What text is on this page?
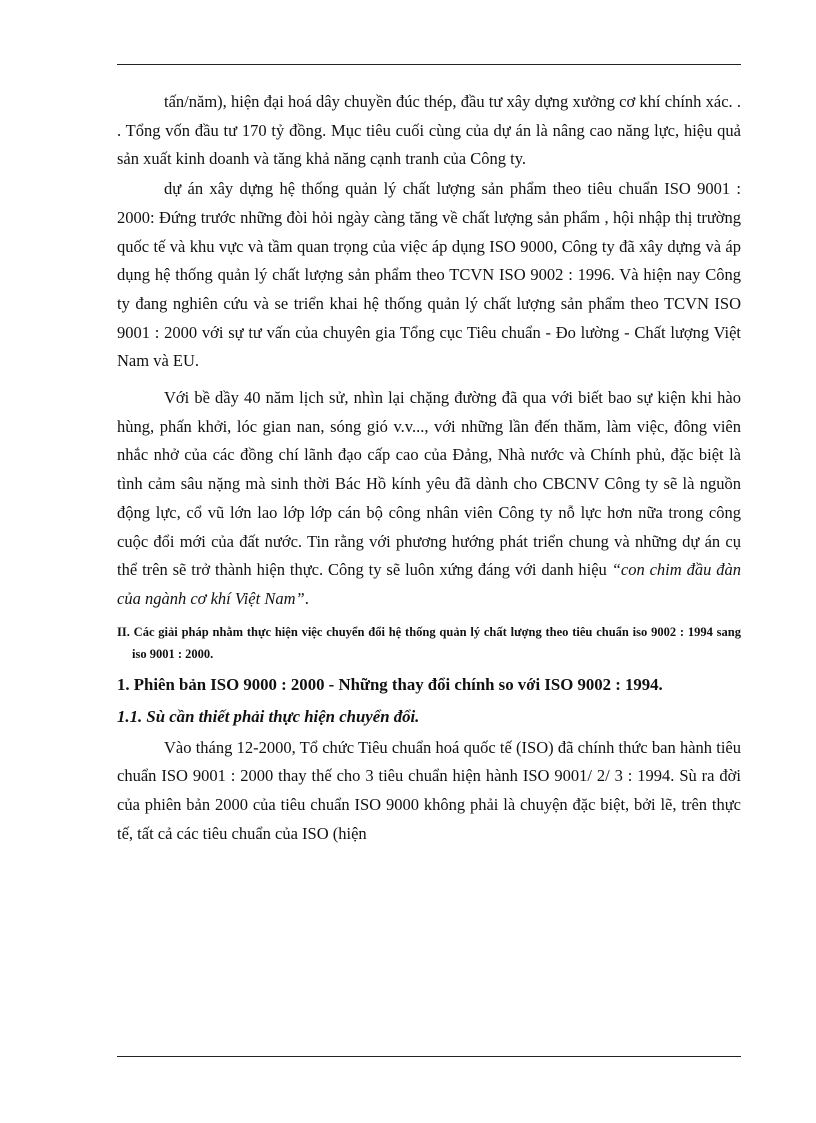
tấn/năm), hiện đại hoá dây chuyền đúc thép, đầu tư xây dựng xưởng cơ khí chính xác. . . Tổng vốn đầu tư 170 tỷ đồng. Mục tiêu cuối cùng của dự án là nâng cao năng lực, hiệu quả sản xuất kinh doanh và tăng khả năng cạnh tranh của Công ty.

dự án xây dựng hệ thống quản lý chất lượng sản phẩm theo tiêu chuẩn ISO 9001 : 2000: Đứng trước những đòi hỏi ngày càng tăng về chất lượng sản phẩm , hội nhập thị trường quốc tế và khu vực và tầm quan trọng của việc áp dụng ISO 9000, Công ty đã xây dựng và áp dụng hệ thống quản lý chất lượng sản phẩm theo TCVN ISO 9002 : 1996. Và hiện nay Công ty đang nghiên cứu và se triển khai hệ thống quản lý chất lượng sản phẩm theo TCVN ISO 9001 : 2000 với sự tư vấn của chuyên gia Tổng cục Tiêu chuẩn - Đo lường - Chất lượng Việt Nam và EU.

Với bề dầy 40 năm lịch sử, nhìn lại chặng đường đã qua với biết bao sự kiện khi hào hùng, phấn khởi, lóc gian nan, sóng gió v.v..., với những lần đến thăm, làm việc, đông viên nhắc nhở của các đồng chí lãnh đạo cấp cao của Đảng, Nhà nước và Chính phủ, đặc biệt là tình cảm sâu nặng mà sinh thời Bác Hồ kính yêu đã dành cho CBCNV Công ty sẽ là nguồn động lực, cổ vũ lớn lao lớp lớp cán bộ công nhân viên Công ty nỗ lực hơn nữa trong công cuộc đổi mới của đất nước. Tin rằng với phương hướng phát triển chung và những dự án cụ thể trên sẽ trở thành hiện thực. Công ty sẽ luôn xứng đáng với danh hiệu “con chim đầu đàn của ngành cơ khí Việt Nam”.

II. Các giải pháp nhằm thực hiện việc chuyển đổi hệ thống quản lý chất lượng theo tiêu chuẩn iso 9002 : 1994 sang iso 9001 : 2000.
1. Phiên bản ISO 9000 : 2000 - Những thay đổi chính so với ISO 9002 : 1994.
1.1. Sù cần thiết phải thực hiện chuyển đổi.

Vào tháng 12-2000, Tổ chức Tiêu chuẩn hoá quốc tế (ISO) đã chính thức ban hành tiêu chuẩn ISO 9001 : 2000 thay thế cho 3 tiêu chuẩn hiện hành ISO 9001/ 2/ 3 : 1994. Sù ra đời của phiên bản 2000 của tiêu chuẩn ISO 9000 không phải là chuyện đặc biệt, bởi lẽ, trên thực tế, tất cả các tiêu chuẩn của ISO (hiện
